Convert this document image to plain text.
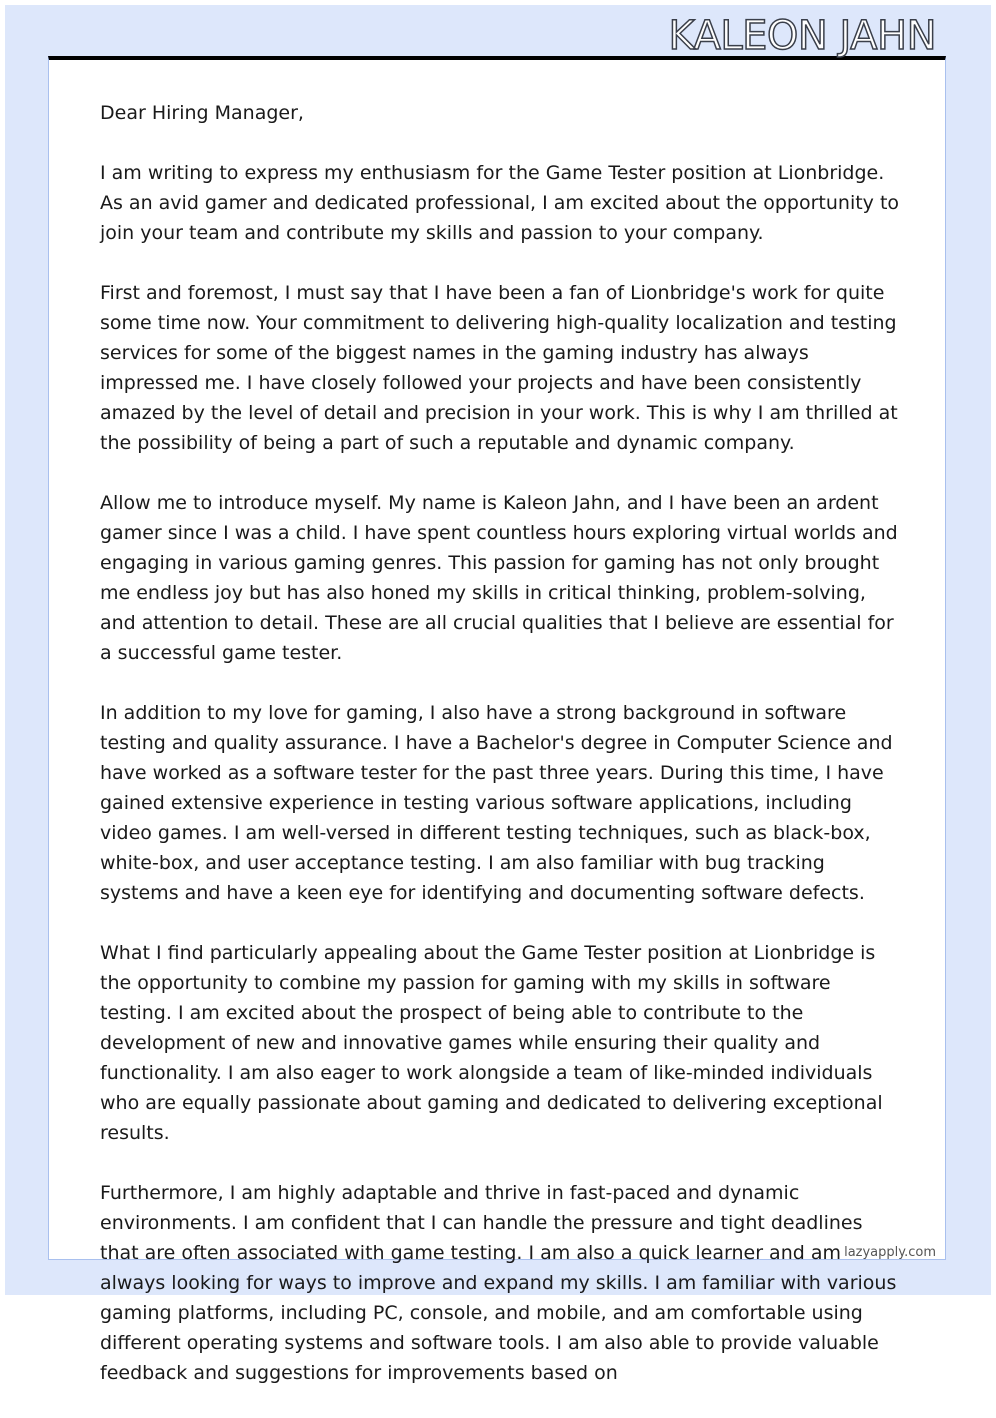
KALEON JAHN

Dear Hiring Manager,

I am writing to express my enthusiasm for the Game Tester position at Lionbridge. As an avid gamer and dedicated professional, I am excited about the opportunity to join your team and contribute my skills and passion to your company.

First and foremost, I must say that I have been a fan of Lionbridge's work for quite some time now. Your commitment to delivering high-quality localization and testing services for some of the biggest names in the gaming industry has always impressed me. I have closely followed your projects and have been consistently amazed by the level of detail and precision in your work. This is why I am thrilled at the possibility of being a part of such a reputable and dynamic company.

Allow me to introduce myself. My name is Kaleon Jahn, and I have been an ardent gamer since I was a child. I have spent countless hours exploring virtual worlds and engaging in various gaming genres. This passion for gaming has not only brought me endless joy but has also honed my skills in critical thinking, problem-solving, and attention to detail. These are all crucial qualities that I believe are essential for a successful game tester.

In addition to my love for gaming, I also have a strong background in software testing and quality assurance. I have a Bachelor's degree in Computer Science and have worked as a software tester for the past three years. During this time, I have gained extensive experience in testing various software applications, including video games. I am well-versed in different testing techniques, such as black-box, white-box, and user acceptance testing. I am also familiar with bug tracking systems and have a keen eye for identifying and documenting software defects.

What I find particularly appealing about the Game Tester position at Lionbridge is the opportunity to combine my passion for gaming with my skills in software testing. I am excited about the prospect of being able to contribute to the development of new and innovative games while ensuring their quality and functionality. I am also eager to work alongside a team of like-minded individuals who are equally passionate about gaming and dedicated to delivering exceptional results.

Furthermore, I am highly adaptable and thrive in fast-paced and dynamic environments. I am confident that I can handle the pressure and tight deadlines that are often associated with game testing. I am also a quick learner and am always looking for ways to improve and expand my skills. I am familiar with various gaming platforms, including PC, console, and mobile, and am comfortable using different operating systems and software tools. I am also able to provide valuable feedback and suggestions for improvements based on

lazyapply.com
